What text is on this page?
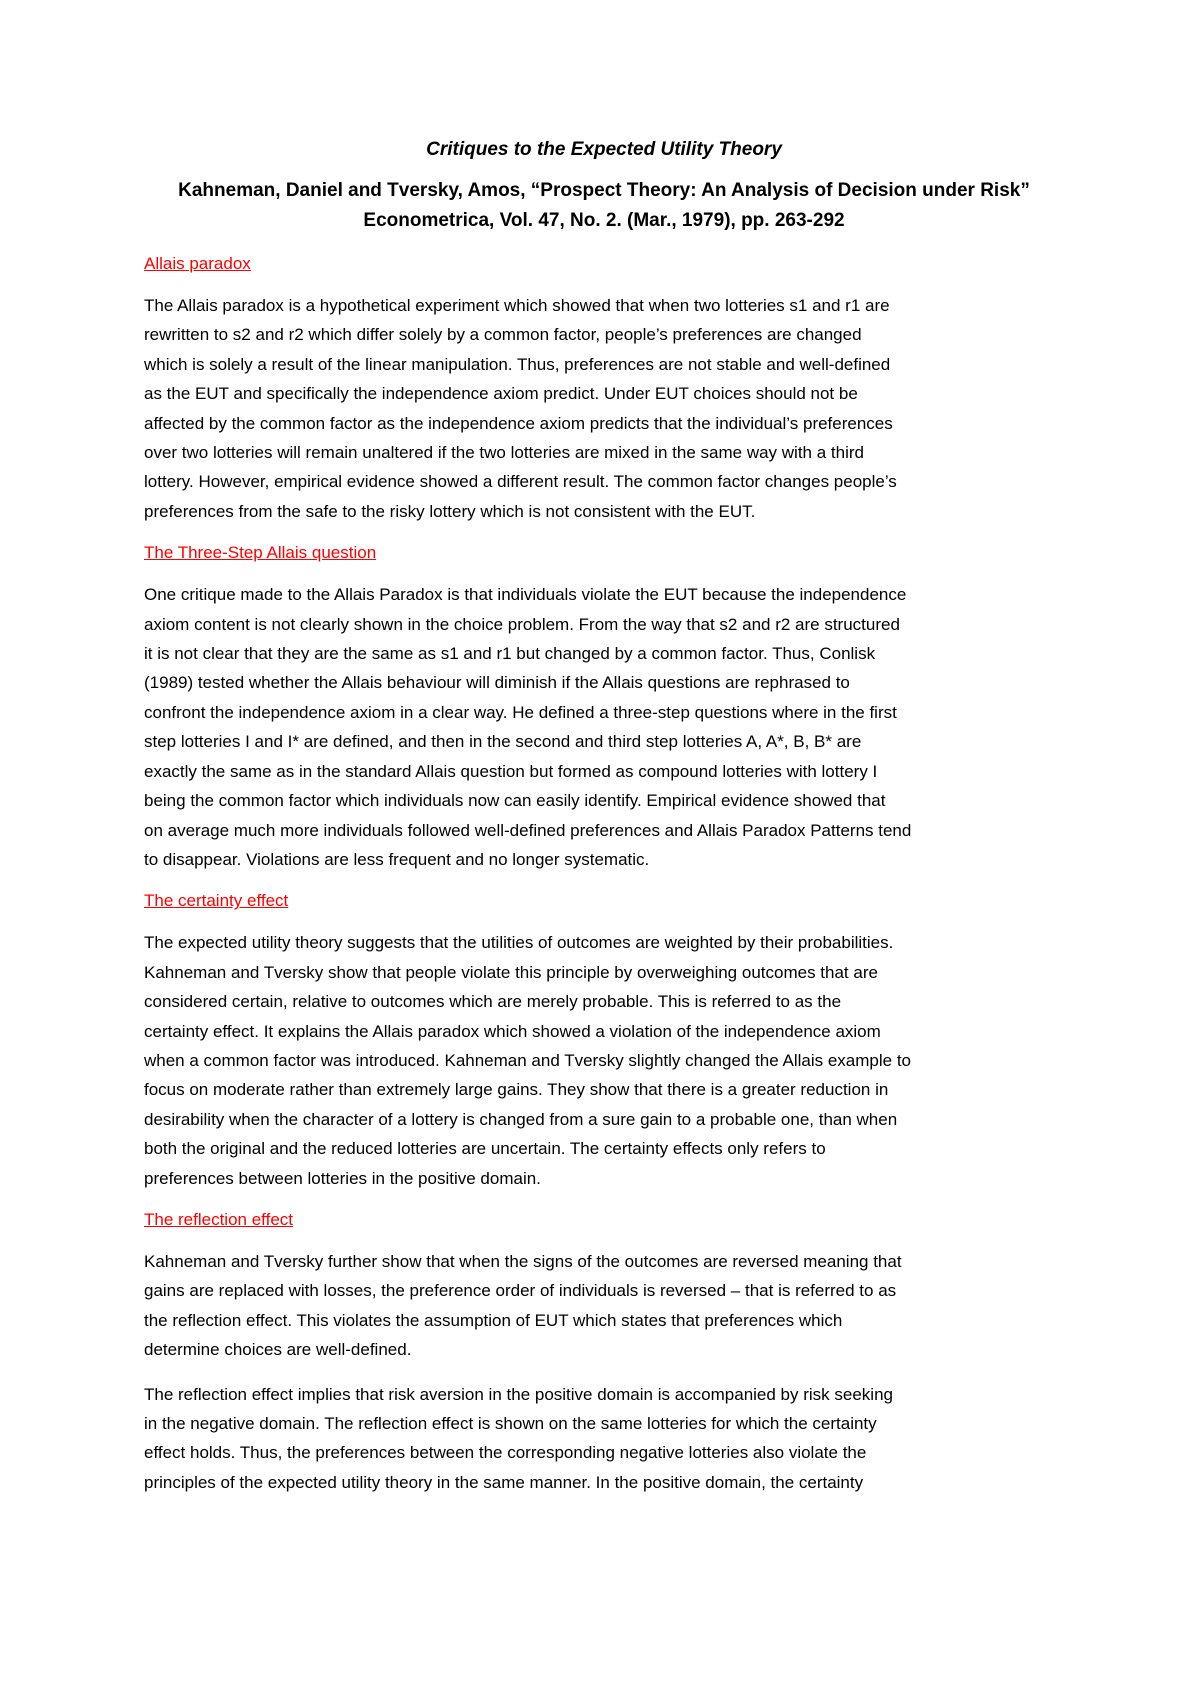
Critiques to the Expected Utility Theory
Kahneman, Daniel and Tversky, Amos, “Prospect Theory: An Analysis of Decision under Risk”
Econometrica, Vol. 47, No. 2. (Mar., 1979), pp. 263-292
Allais paradox
The Allais paradox is a hypothetical experiment which showed that when two lotteries s1 and r1 are
rewritten to s2 and r2 which differ solely by a common factor, people’s preferences are changed
which is solely a result of the linear manipulation. Thus, preferences are not stable and well-defined
as the EUT and specifically the independence axiom predict. Under EUT choices should not be
affected by the common factor as the independence axiom predicts that the individual’s preferences
over two lotteries will remain unaltered if the two lotteries are mixed in the same way with a third
lottery. However, empirical evidence showed a different result. The common factor changes people’s
preferences from the safe to the risky lottery which is not consistent with the EUT.
The Three-Step Allais question
One critique made to the Allais Paradox is that individuals violate the EUT because the independence
axiom content is not clearly shown in the choice problem. From the way that s2 and r2 are structured
it is not clear that they are the same as s1 and r1 but changed by a common factor. Thus, Conlisk
(1989) tested whether the Allais behaviour will diminish if the Allais questions are rephrased to
confront the independence axiom in a clear way. He defined a three-step questions where in the first
step lotteries I and I* are defined, and then in the second and third step lotteries A, A*, B, B* are
exactly the same as in the standard Allais question but formed as compound lotteries with lottery I
being the common factor which individuals now can easily identify. Empirical evidence showed that
on average much more individuals followed well-defined preferences and Allais Paradox Patterns tend
to disappear. Violations are less frequent and no longer systematic.
The certainty effect
The expected utility theory suggests that the utilities of outcomes are weighted by their probabilities.
Kahneman and Tversky show that people violate this principle by overweighing outcomes that are
considered certain, relative to outcomes which are merely probable. This is referred to as the
certainty effect. It explains the Allais paradox which showed a violation of the independence axiom
when a common factor was introduced. Kahneman and Tversky slightly changed the Allais example to
focus on moderate rather than extremely large gains. They show that there is a greater reduction in
desirability when the character of a lottery is changed from a sure gain to a probable one, than when
both the original and the reduced lotteries are uncertain. The certainty effects only refers to
preferences between lotteries in the positive domain.
The reflection effect
Kahneman and Tversky further show that when the signs of the outcomes are reversed meaning that
gains are replaced with losses, the preference order of individuals is reversed – that is referred to as
the reflection effect. This violates the assumption of EUT which states that preferences which
determine choices are well-defined.
The reflection effect implies that risk aversion in the positive domain is accompanied by risk seeking
in the negative domain. The reflection effect is shown on the same lotteries for which the certainty
effect holds. Thus, the preferences between the corresponding negative lotteries also violate the
principles of the expected utility theory in the same manner. In the positive domain, the certainty
